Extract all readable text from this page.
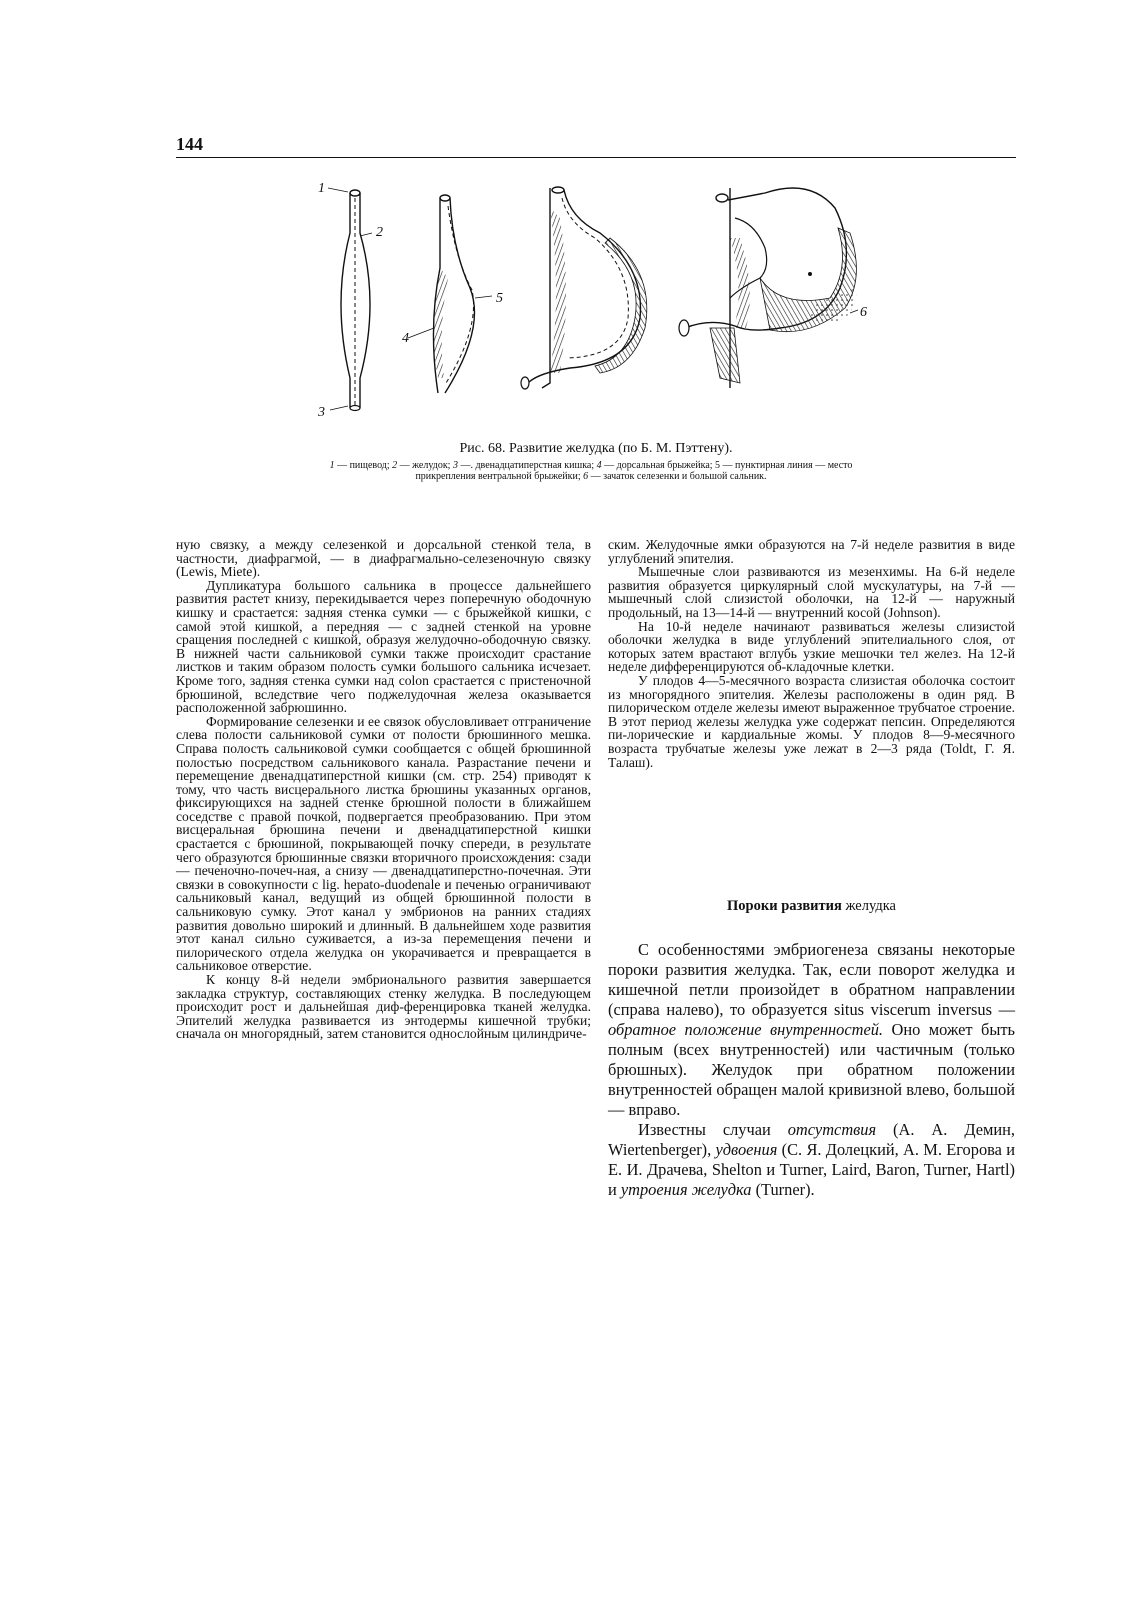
144
1
2
3
4
5
6
Рис. 68. Развитие желудка (по Б. М. Пэттену).
1 — пищевод; 2 — желудок; 3 —. двенадцатиперстная кишка; 4 — дорсальная брыжейка; 5 — пунктирная линия — место прикрепления вентральной брыжейки; 6 — зачаток селезенки и большой сальник.

ную связку, а между селезенкой и дорсальной стенкой тела, в частности, диафрагмой, — в диафрагмально-селезеночную связку (Lewis, Miete).

Дупликатура большого сальника в процессе дальнейшего развития растет книзу, перекидывается через поперечную ободочную кишку и срастается: задняя стенка сумки — с брыжейкой кишки, с самой этой кишкой, а передняя — с задней стенкой на уровне сращения последней с кишкой, образуя желудочно-ободочную связку. В нижней части сальниковой сумки также происходит срастание листков и таким образом полость сумки большого сальника исчезает. Кроме того, задняя стенка сумки над colon срастается с пристеночной брюшиной, вследствие чего поджелудочная железа оказывается расположенной забрюшинно.

Формирование селезенки и ее связок обусловливает отграничение слева полости сальниковой сумки от полости брюшинного мешка. Справа полость сальниковой сумки сообщается с общей брюшинной полостью посредством сальникового канала. Разрастание печени и перемещение двенадцатиперстной кишки (см. стр. 254) приводят к тому, что часть висцерального листка брюшины указанных органов, фиксирующихся на задней стенке брюшной полости в ближайшем соседстве с правой почкой, подвергается преобразованию. При этом висцеральная брюшина печени и двенадцатиперстной кишки срастается с брюшиной, покрывающей почку спереди, в результате чего образуются брюшинные связки вторичного происхождения: сзади — печеночно-почеч-ная, а снизу — двенадцатиперстно-почечная. Эти связки в совокупности с lig. hepato-duodenale и печенью ограничивают сальниковый канал, ведущий из общей брюшинной полости в сальниковую сумку. Этот канал у эмбрионов на ранних стадиях развития довольно широкий и длинный. В дальнейшем ходе развития этот канал сильно суживается, а из-за перемещения печени и пилорического отдела желудка он укорачивается и превращается в сальниковое отверстие.

К концу 8-й недели эмбрионального развития завершается закладка структур, составляющих стенку желудка. В последующем происходит рост и дальнейшая диф-ференцировка тканей желудка. Эпителий желудка развивается из энтодермы кишечной трубки; сначала он многорядный, затем становится однослойным цилиндриче-

ским. Желудочные ямки образуются на 7-й неделе развития в виде углублений эпителия.

Мышечные слои развиваются из мезенхимы. На 6-й неделе развития образуется циркулярный слой мускулатуры, на 7-й — мышечный слой слизистой оболочки, на 12-й — наружный продольный, на 13—14-й — внутренний косой (Johnson).

На 10-й неделе начинают развиваться железы слизистой оболочки желудка в виде углублений эпителиального слоя, от которых затем врастают вглубь узкие мешочки тел желез. На 12-й неделе дифференцируются об-кладочные клетки.

У плодов 4—5-месячного возраста слизистая оболочка состоит из многорядного эпителия. Железы расположены в один ряд. В пилорическом отделе железы имеют выраженное трубчатое строение. В этот период железы желудка уже содержат пепсин. Определяются пи-лорические и кардиальные жомы. У плодов 8—9-месячного возраста трубчатые железы уже лежат в 2—3 ряда (Toldt, Г. Я. Талаш).

Пороки развития желудка

С особенностями эмбриогенеза связаны некоторые пороки развития желудка. Так, если поворот желудка и кишечной петли произойдет в обратном направлении (справа налево), то образуется situs viscerum inversus — обратное положение внутренностей. Оно может быть полным (всех внутренностей) или частичным (только брюшных). Желудок при обратном положении внутренностей обращен малой кривизной влево, большой — вправо.

Известны случаи отсутствия (А. А. Демин, Wiertenberger), удвоения (С. Я. Долецкий, А. М. Егорова и Е. И. Драчева, Shelton и Turner, Laird, Baron, Turner, Hartl) и утроения желудка (Turner).
